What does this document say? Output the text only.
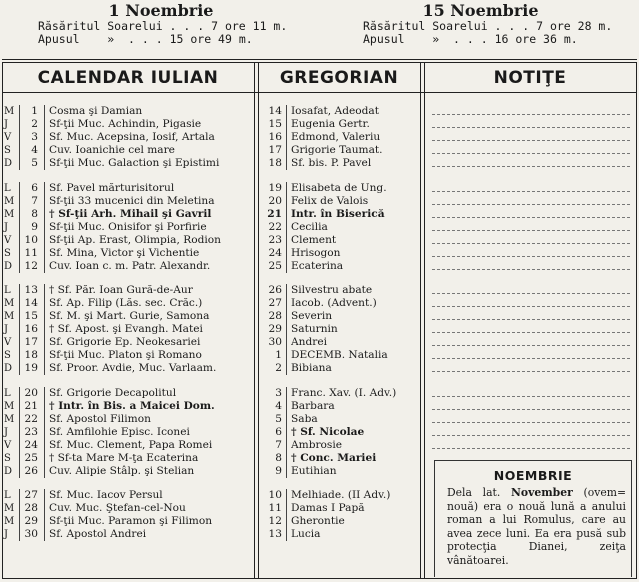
1 Noembrie
Răsăritul Soarelui . . . 7 ore 11 m.
Apusul »  . . . 15 ore 49 m.
15 Noembrie
Răsăritul Soarelui . . . 7 ore 28 m.
Apusul »  . . . 16 ore 36 m.
CALENDAR IULIAN	GREGORIAN	NOTIŢE
M	1 Cosma şi Damian	14 Iosafat, Adeodat
J	2 Sf-ţii Muc. Achindin, Pigasie	15 Eugenia Gertr.
V	3 Sf. Muc. Acepsina, Iosif, Artala	16 Edmond, Valeriu
S	4 Cuv. Ioanichie cel mare	17 Grigorie Taumat.
D	5 Sf-ţii Muc. Galaction şi Epistimi	18 Sf. bis. P. Pavel
L	6 Sf. Pavel mărturisitorul	19 Elisabeta de Ung.
M	7 Sf-ţii 33 mucenici din Meletina	20 Felix de Valois
M	8 † Sf-ţii Arh. Mihail şi Gavril	21 Intr. în Biserică
J	9 Sf-ţii Muc. Onisifor şi Porfirie	22 Cecilia
V	10 Sf-ţii Ap. Erast, Olimpia, Rodion	23 Clement
S	11 Sf. Mina, Victor şi Vichentie	24 Hrisogon
D	12 Cuv. Ioan c. m. Patr. Alexandr.	25 Ecaterina
L	13 † Sf. Păr. Ioan Gură-de-Aur	26 Silvestru abate
M 14 Sf. Ap. Filip (Lăs. sec. Crăc.)	27 Iacob. (Advent.)
M 15 Sf. M. şi Mart. Gurie, Samona	28 Severin
J	16 † Sf. Apost. şi Evangh. Matei	29 Saturnin
V	17 Sf. Grigorie Ep. Neokesariei	30 Andrei
S	18 Sf-ţii Muc. Platon şi Romano	1 DECEMB. Natalia
D	19 Sf. Proor. Avdie, Muc. Varlaam.	2 Bibiana
L	20 Sf. Grigorie Decapolitul	3 Franc. Xav. (I. Adv.)
M 21 † Intr. în Bis. a Maicei Dom.	4 Barbara
M 22 Sf. Apostol Filimon	5 Saba
J	23 Sf. Amfilohie Episc. Iconei	6 † Sf. Nicolae
V	24 Sf. Muc. Clement, Papa Romei	7 Ambrosie
S	25 † Sf-ta Mare M-ţa Ecaterina	8 † Conc. Mariei
D	26 Cuv. Alipie Stâlp. şi Stelian	9 Eutihian
L	27 Sf. Muc. Iacov Persul	10 Melhiade. (II Adv.)
M 28 Cuv. Muc. Ştefan-cel-Nou	11 Damas I Papă
M 29 Sf-ţii Muc. Paramon şi Filimon	12 Gherontie
J	30 Sf. Apostol Andrei	13 Lucia
NOEMBRIE
Dela lat. November (ovem= nouă) era o nouă lună a anului roman a lui Romulus, care au avea zece luni. Ea era pusă sub protecţia Dianei, zeiţa vânătoarei.
